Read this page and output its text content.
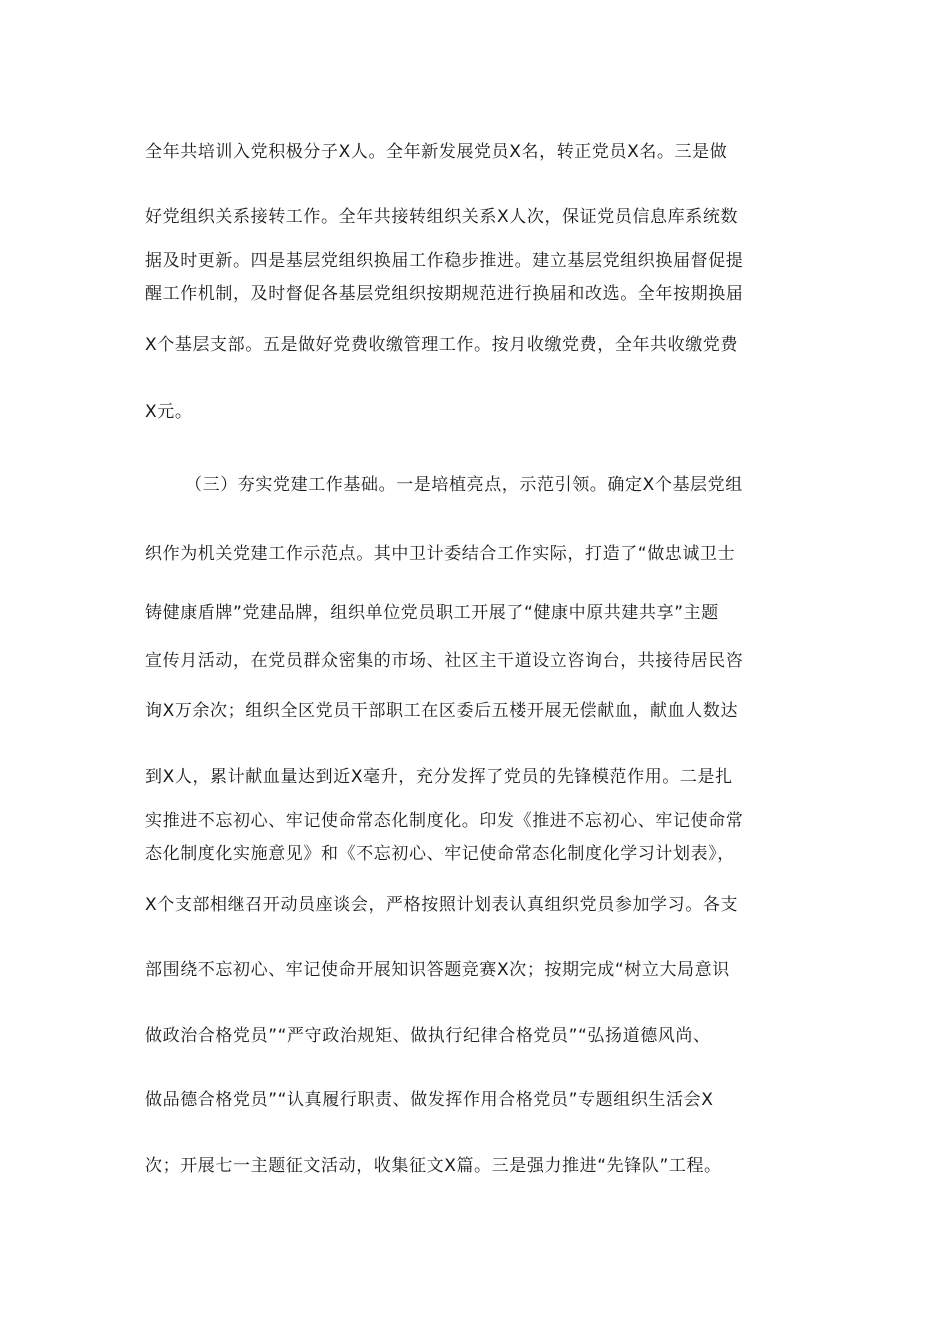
全年共培训入党积极分子X人。全年新发展党员X名，转正党员X名。三是做
好党组织关系接转工作。全年共接转组织关系X人次，保证党员信息库系统数
据及时更新。四是基层党组织换届工作稳步推进。建立基层党组织换届督促提
醒工作机制，及时督促各基层党组织按期规范进行换届和改选。全年按期换届
X个基层支部。五是做好党费收缴管理工作。按月收缴党费，全年共收缴党费
X元。
（三）夯实党建工作基础。一是培植亮点，示范引领。确定X个基层党组
织作为机关党建工作示范点。其中卫计委结合工作实际，打造了“做忠诚卫士
铸健康盾牌”党建品牌，组织单位党员职工开展了“健康中原共建共享”主题
宣传月活动，在党员群众密集的市场、社区主干道设立咨询台，共接待居民咨
询X万余次；组织全区党员干部职工在区委后五楼开展无偿献血，献血人数达
到X人，累计献血量达到近X毫升，充分发挥了党员的先锋模范作用。二是扎
实推进不忘初心、牢记使命常态化制度化。印发《推进不忘初心、牢记使命常
态化制度化实施意见》和《不忘初心、牢记使命常态化制度化学习计划表》，
X个支部相继召开动员座谈会，严格按照计划表认真组织党员参加学习。各支
部围绕不忘初心、牢记使命开展知识答题竞赛X次；按期完成“树立大局意识
做政治合格党员”“严守政治规矩、做执行纪律合格党员”“弘扬道德风尚、
做品德合格党员”“认真履行职责、做发挥作用合格党员”专题组织生活会X
次；开展七一主题征文活动，收集征文X篇。三是强力推进“先锋队”工程。
